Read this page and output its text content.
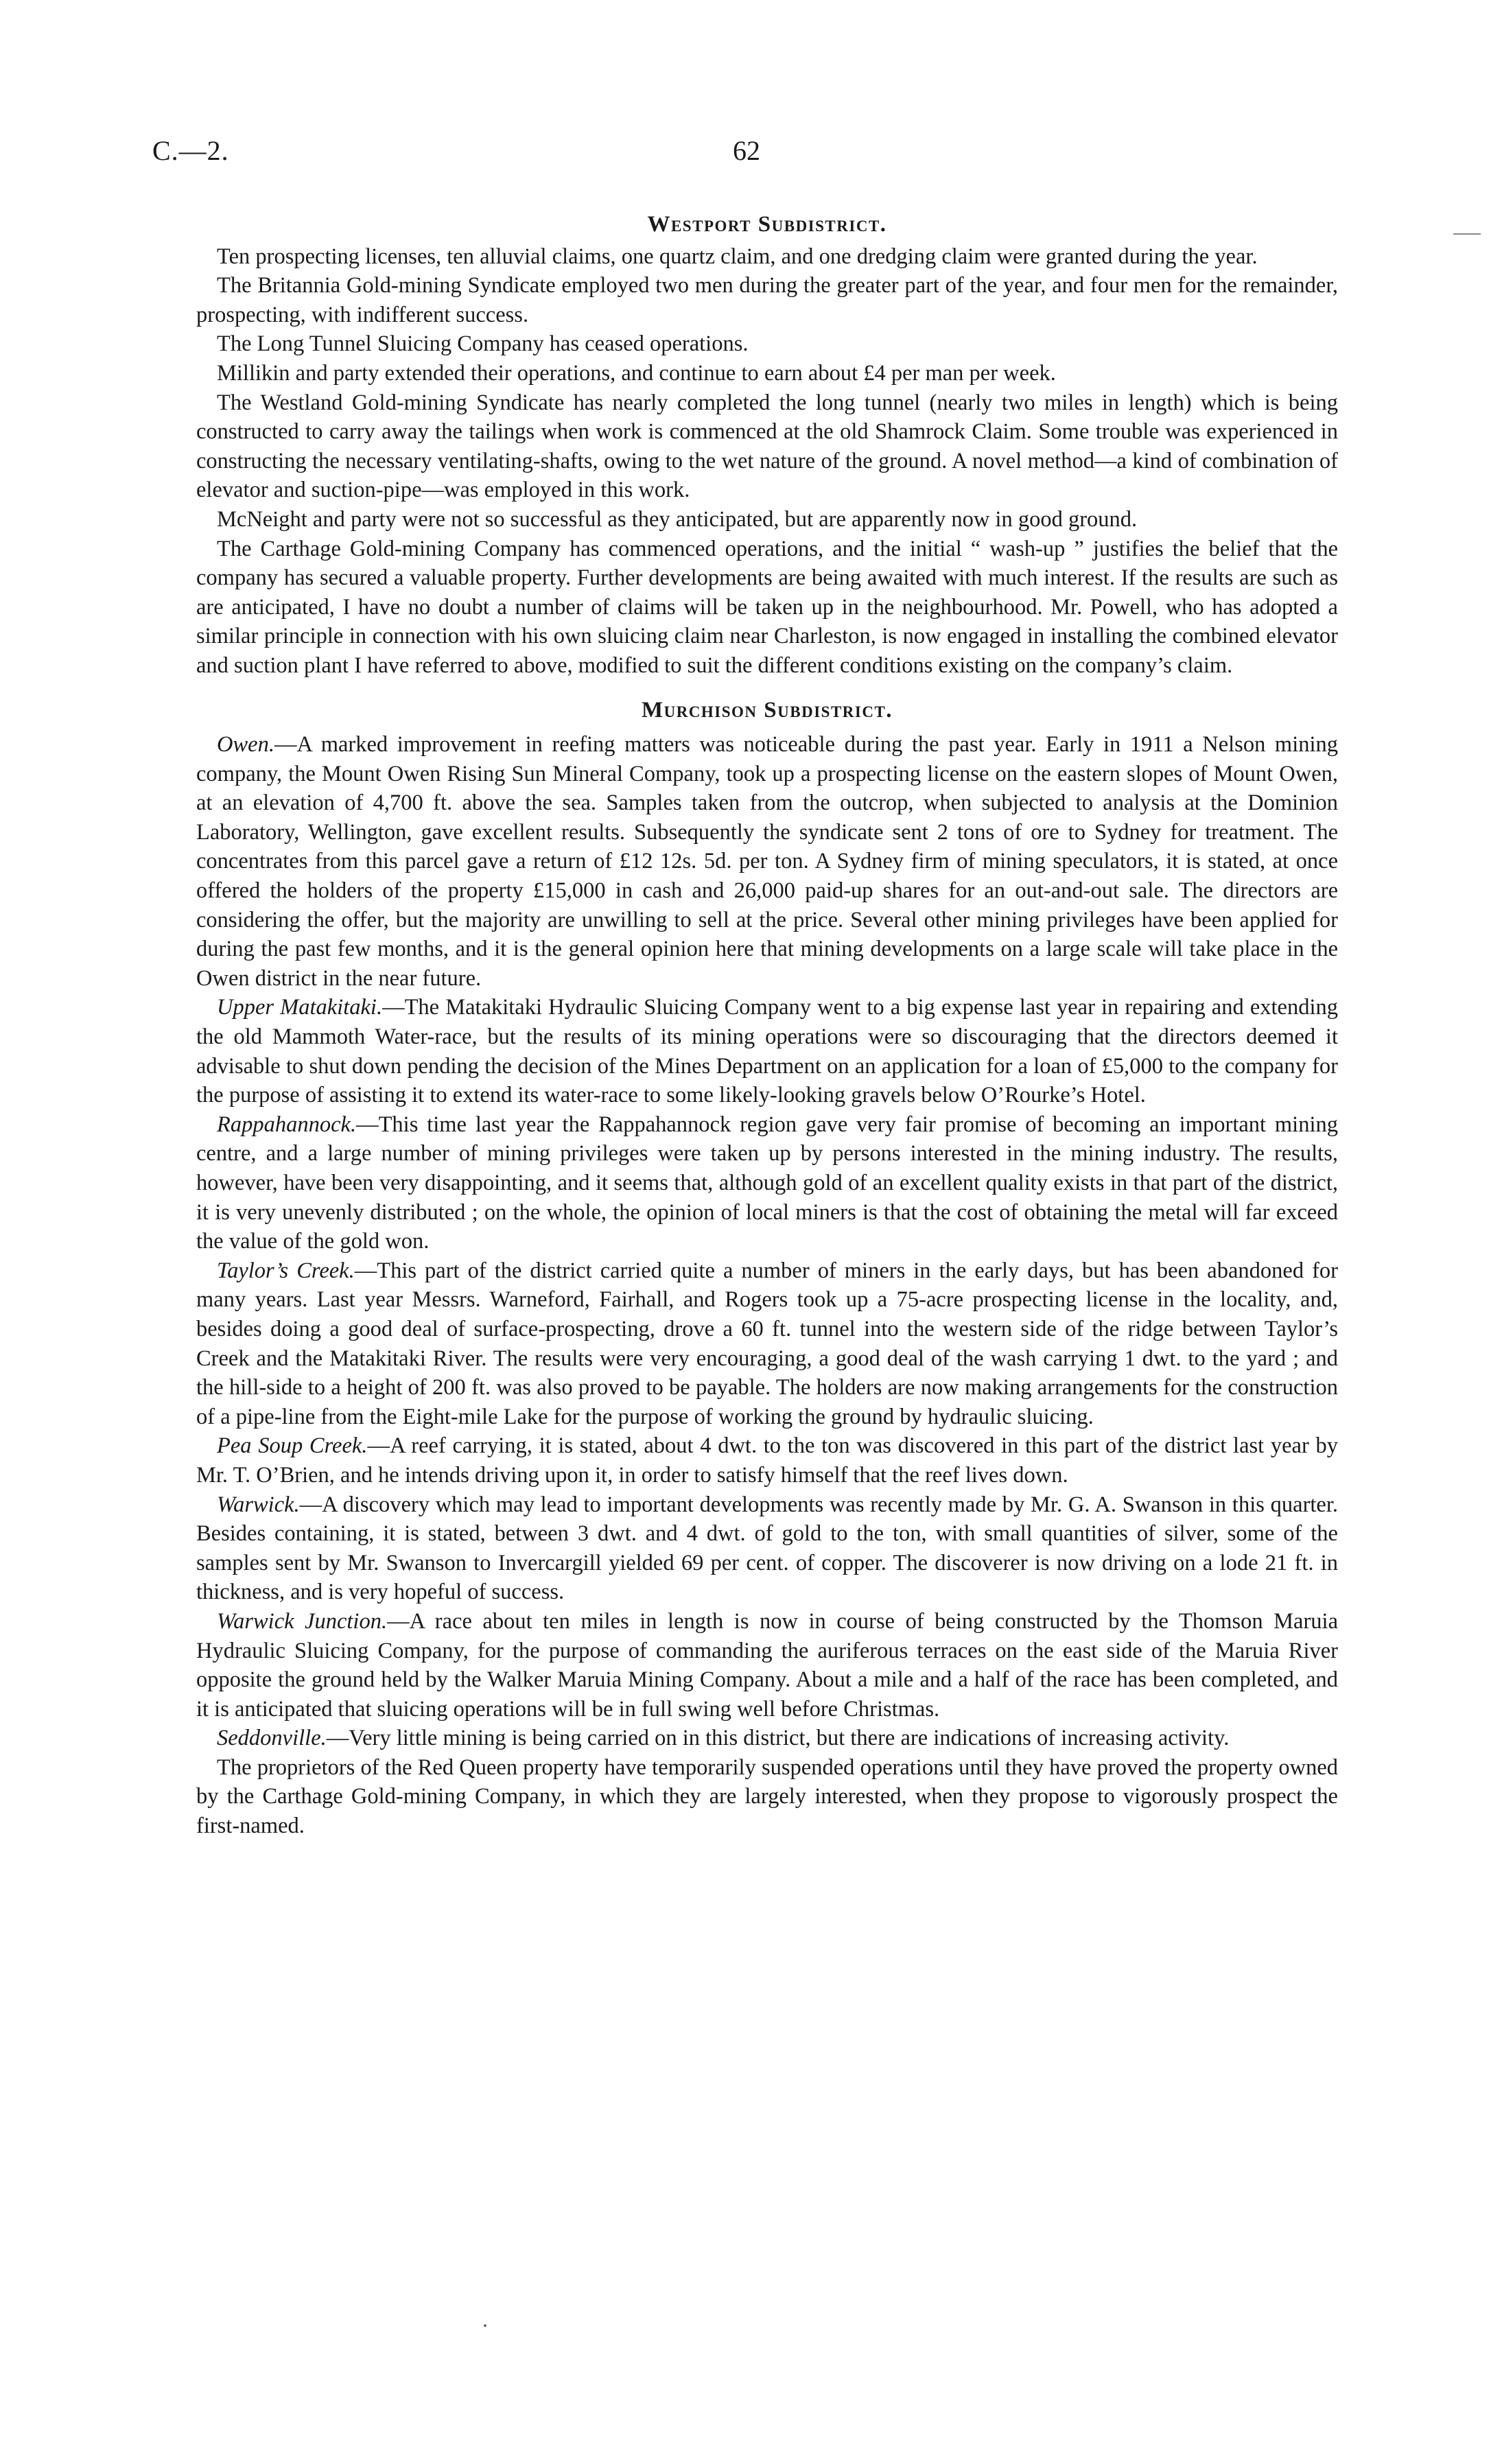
C.—2.	62
Westport Subdistrict.

Ten prospecting licenses, ten alluvial claims, one quartz claim, and one dredging claim were granted during the year.

The Britannia Gold-mining Syndicate employed two men during the greater part of the year, and four men for the remainder, prospecting, with indifferent success.

The Long Tunnel Sluicing Company has ceased operations.

Millikin and party extended their operations, and continue to earn about £4 per man per week.

The Westland Gold-mining Syndicate has nearly completed the long tunnel (nearly two miles in length) which is being constructed to carry away the tailings when work is commenced at the old Shamrock Claim. Some trouble was experienced in constructing the necessary ventilating-shafts, owing to the wet nature of the ground. A novel method—a kind of combination of elevator and suction-pipe—was employed in this work.

McNeight and party were not so successful as they anticipated, but are apparently now in good ground.

The Carthage Gold-mining Company has commenced operations, and the initial “ wash-up ” justifies the belief that the company has secured a valuable property. Further developments are being awaited with much interest. If the results are such as are anticipated, I have no doubt a number of claims will be taken up in the neighbourhood. Mr. Powell, who has adopted a similar principle in connection with his own sluicing claim near Charleston, is now engaged in installing the combined elevator and suction plant I have referred to above, modified to suit the different conditions existing on the company’s claim.

Murchison Subdistrict.

Owen.—A marked improvement in reefing matters was noticeable during the past year. Early in 1911 a Nelson mining company, the Mount Owen Rising Sun Mineral Company, took up a prospecting license on the eastern slopes of Mount Owen, at an elevation of 4,700 ft. above the sea. Samples taken from the outcrop, when subjected to analysis at the Dominion Laboratory, Wellington, gave excellent results. Subsequently the syndicate sent 2 tons of ore to Sydney for treatment. The concentrates from this parcel gave a return of £12 12s. 5d. per ton. A Sydney firm of mining speculators, it is stated, at once offered the holders of the property £15,000 in cash and 26,000 paid-up shares for an out-and-out sale. The directors are considering the offer, but the majority are unwilling to sell at the price. Several other mining privileges have been applied for during the past few months, and it is the general opinion here that mining developments on a large scale will take place in the Owen district in the near future.

Upper Matakitaki.—The Matakitaki Hydraulic Sluicing Company went to a big expense last year in repairing and extending the old Mammoth Water-race, but the results of its mining operations were so discouraging that the directors deemed it advisable to shut down pending the decision of the Mines Department on an application for a loan of £5,000 to the company for the purpose of assisting it to extend its water-race to some likely-looking gravels below O’Rourke’s Hotel.

Rappahannock.—This time last year the Rappahannock region gave very fair promise of becoming an important mining centre, and a large number of mining privileges were taken up by persons interested in the mining industry. The results, however, have been very disappointing, and it seems that, although gold of an excellent quality exists in that part of the district, it is very unevenly distributed ; on the whole, the opinion of local miners is that the cost of obtaining the metal will far exceed the value of the gold won.

Taylor’s Creek.—This part of the district carried quite a number of miners in the early days, but has been abandoned for many years. Last year Messrs. Warneford, Fairhall, and Rogers took up a 75-acre prospecting license in the locality, and, besides doing a good deal of surface-prospecting, drove a 60 ft. tunnel into the western side of the ridge between Taylor’s Creek and the Matakitaki River. The results were very encouraging, a good deal of the wash carrying 1 dwt. to the yard ; and the hill-side to a height of 200 ft. was also proved to be payable. The holders are now making arrangements for the construction of a pipe-line from the Eight-mile Lake for the purpose of working the ground by hydraulic sluicing.

Pea Soup Creek.—A reef carrying, it is stated, about 4 dwt. to the ton was discovered in this part of the district last year by Mr. T. O’Brien, and he intends driving upon it, in order to satisfy himself that the reef lives down.

Warwick.—A discovery which may lead to important developments was recently made by Mr. G. A. Swanson in this quarter. Besides containing, it is stated, between 3 dwt. and 4 dwt. of gold to the ton, with small quantities of silver, some of the samples sent by Mr. Swanson to Invercargill yielded 69 per cent. of copper. The discoverer is now driving on a lode 21 ft. in thickness, and is very hopeful of success.

Warwick Junction.—A race about ten miles in length is now in course of being constructed by the Thomson Maruia Hydraulic Sluicing Company, for the purpose of commanding the auriferous terraces on the east side of the Maruia River opposite the ground held by the Walker Maruia Mining Company. About a mile and a half of the race has been completed, and it is anticipated that sluicing operations will be in full swing well before Christmas.

Seddonville.—Very little mining is being carried on in this district, but there are indications of increasing activity.

The proprietors of the Red Queen property have temporarily suspended operations until they have proved the property owned by the Carthage Gold-mining Company, in which they are largely interested, when they propose to vigorously prospect the first-named.

·
